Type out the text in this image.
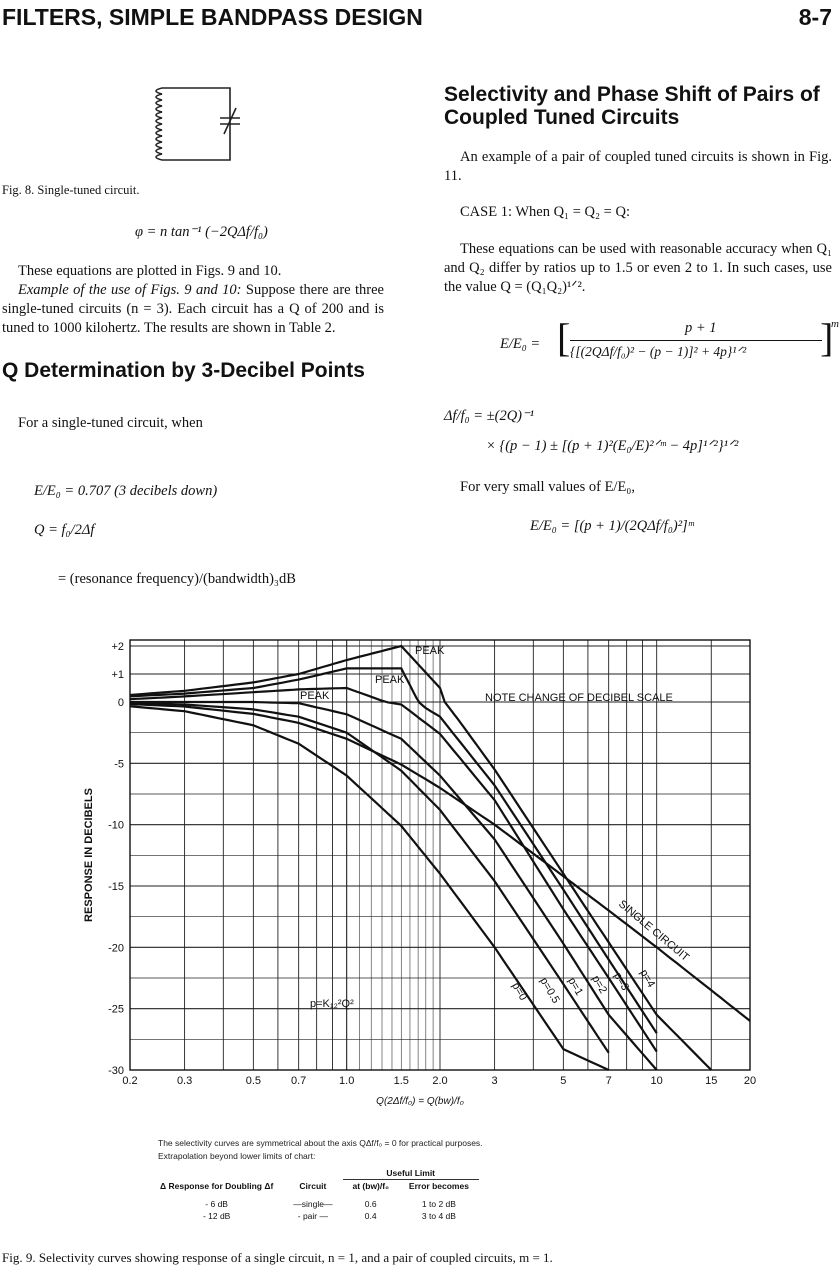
FILTERS, SIMPLE BANDPASS DESIGN	8-7
Fig. 8. Single-tuned circuit.
φ = n tan⁻¹ (−2QΔf/f₀)
These equations are plotted in Figs. 9 and 10.
Example of the use of Figs. 9 and 10: Suppose there are three single-tuned circuits (n = 3). Each circuit has a Q of 200 and is tuned to 1000 kilohertz. The results are shown in Table 2.
Q Determination by 3-Decibel Points
For a single-tuned circuit, when
E/E₀ = 0.707 (3 decibels down)
Q = f₀/2Δf
= (resonance frequency)/(bandwidth)₃dB
Selectivity and Phase Shift of Pairs of Coupled Tuned Circuits
An example of a pair of coupled tuned circuits is shown in Fig. 11.
CASE 1: When Q₁ = Q₂ = Q:
These equations can be used with reasonable accuracy when Q₁ and Q₂ differ by ratios up to 1.5 or even 2 to 1. In such cases, use the value Q = (Q₁Q₂)¹ᐟ².
E/E₀ = [	p + 1
{[(2QΔf/f₀)² − (p − 1)]² + 4p}¹ᐟ² ]
m
Δf/f₀ = ±(2Q)⁻¹
× {(p − 1) ± [(p + 1)²(E₀/E)²ᐟᵐ − 4p]¹ᐟ²}¹ᐟ²
For very small values of E/E₀,
E/E₀ = [(p + 1)/(2QΔf/f₀)²]ᵐ
+2
+1
0
-5
-10
-15
-20
-25
-30
0.2	0.3	0.5	0.7	1.0	1.5 2.0	3	5	7	10	15 20
Q(2Δf/f₀) = Q(bw)/f₀
RESPONSE IN DECIBELS
PEAK
PEAK
PEAK	NOTE CHANGE OF DECIBEL SCALE
SINGLE CIRCUIT
p=K₁₂²Q²
p=0 p=0.5 p=1 p=2 p=3 p=4
The selectivity curves are symmetrical about the axis QΔf/f₀ = 0 for practical purposes.
Extrapolation beyond lower limits of chart:
		Useful Limit	
Δ Response for Doubling Δf	Circuit	at (bw)/f₀	Error becomes

- 6 dB	—single—	0.6	1 to 2 dB
- 12 dB	- pair —	0.4	3 to 4 dB
Fig. 9. Selectivity curves showing response of a single circuit, n = 1, and a pair of coupled circuits, m = 1.
